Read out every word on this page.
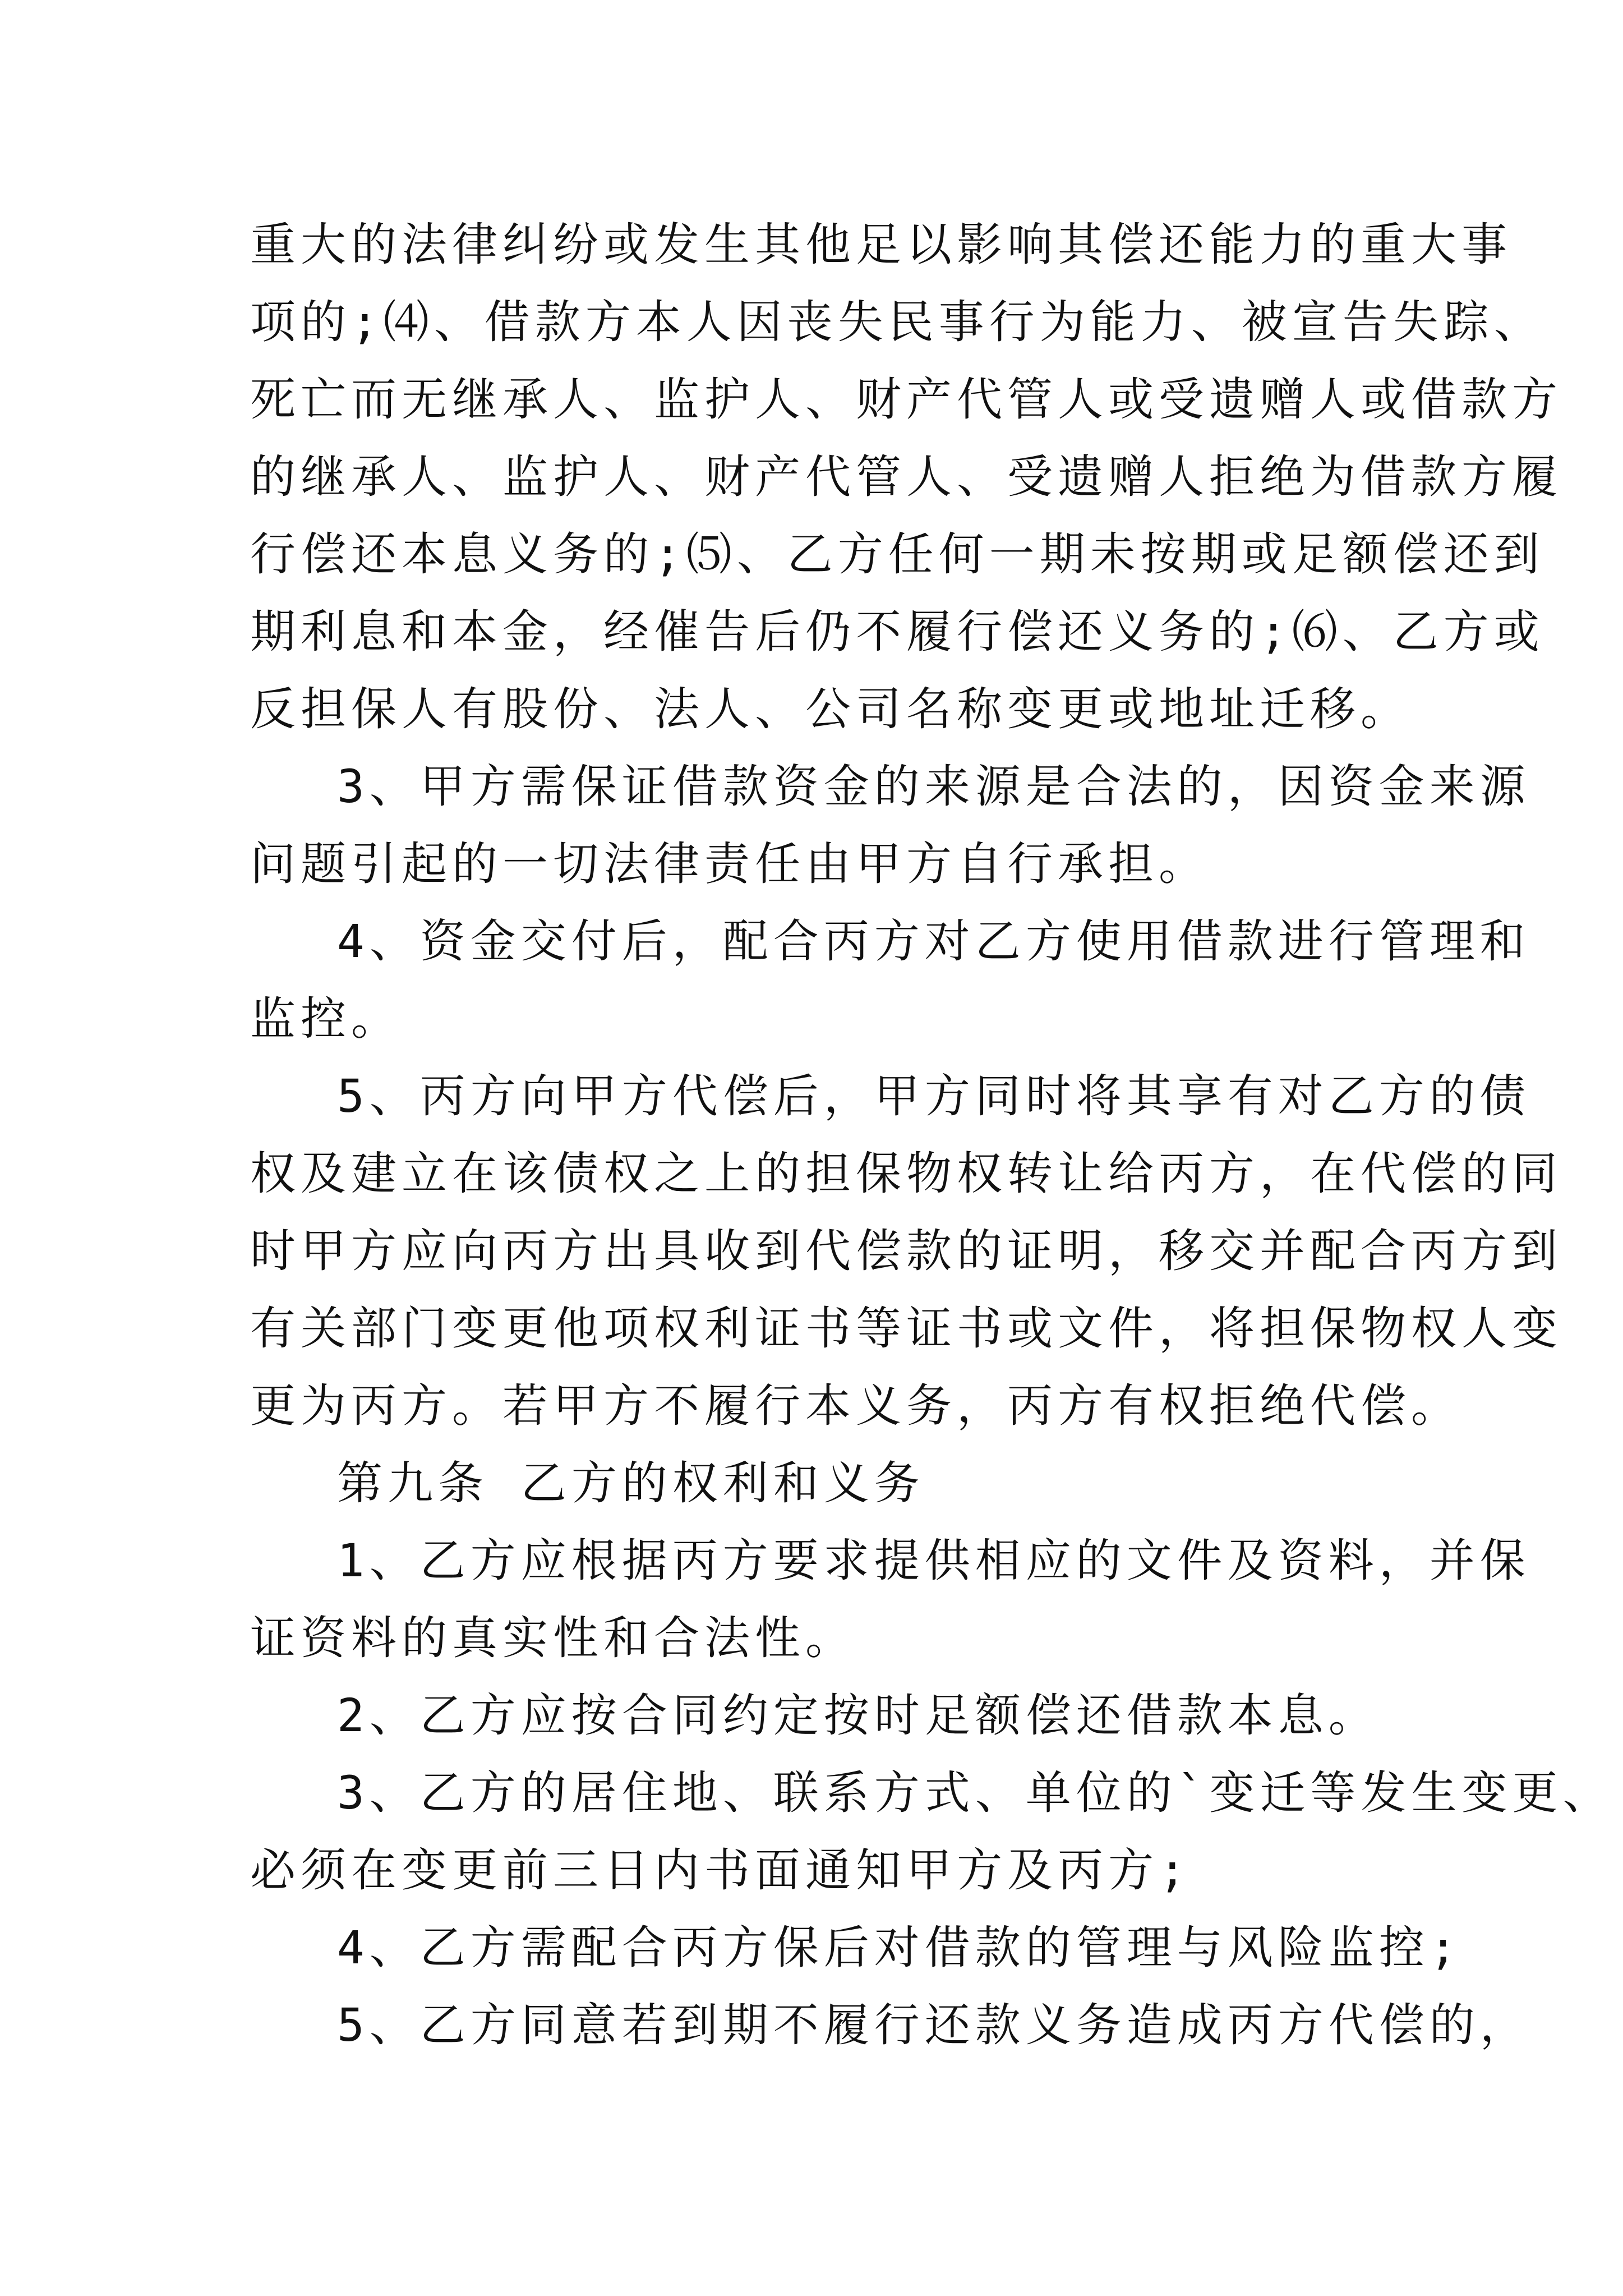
重大的法律纠纷或发生其他足以影响其偿还能力的重大事
项的;⑷、借款方本人因丧失民事行为能力、被宣告失踪、
死亡而无继承人、监护人、财产代管人或受遗赠人或借款方
的继承人、监护人、财产代管人、受遗赠人拒绝为借款方履
行偿还本息义务的;⑸、乙方任何一期未按期或足额偿还到
期利息和本金，经催告后仍不履行偿还义务的;⑹、乙方或
反担保人有股份、法人、公司名称变更或地址迁移。
3、甲方需保证借款资金的来源是合法的，因资金来源
问题引起的一切法律责任由甲方自行承担。
4、资金交付后，配合丙方对乙方使用借款进行管理和
监控。
5、丙方向甲方代偿后，甲方同时将其享有对乙方的债
权及建立在该债权之上的担保物权转让给丙方，在代偿的同
时甲方应向丙方出具收到代偿款的证明，移交并配合丙方到
有关部门变更他项权利证书等证书或文件，将担保物权人变
更为丙方。若甲方不履行本义务，丙方有权拒绝代偿。
第九条 乙方的权利和义务
1、乙方应根据丙方要求提供相应的文件及资料，并保
证资料的真实性和合法性。
2、乙方应按合同约定按时足额偿还借款本息。
3、乙方的居住地、联系方式、单位的`变迁等发生变更、
必须在变更前三日内书面通知甲方及丙方;
4、乙方需配合丙方保后对借款的管理与风险监控;
5、乙方同意若到期不履行还款义务造成丙方代偿的，
